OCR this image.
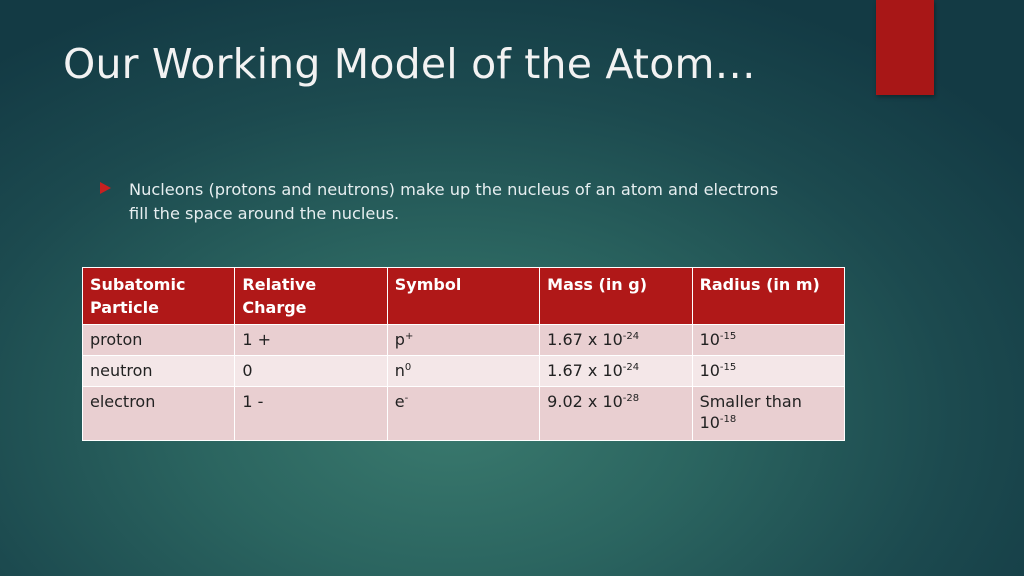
Our Working Model of the Atom…
Nucleons (protons and neutrons) make up the nucleus of an atom and electrons fill the space around the nucleus.
Subatomic Particle	Relative Charge	Symbol	Mass (in g)	Radius (in m)
proton	1 +	p+	1.67 x $10^{-24}$	$10^{-15}$
neutron	0	$n^0$	1.67 x $10^{-24}$	$10^{-15}$
electron	1 -	e-	9.02 x $10^{-28}$	Smaller than
$10^{-18}$
